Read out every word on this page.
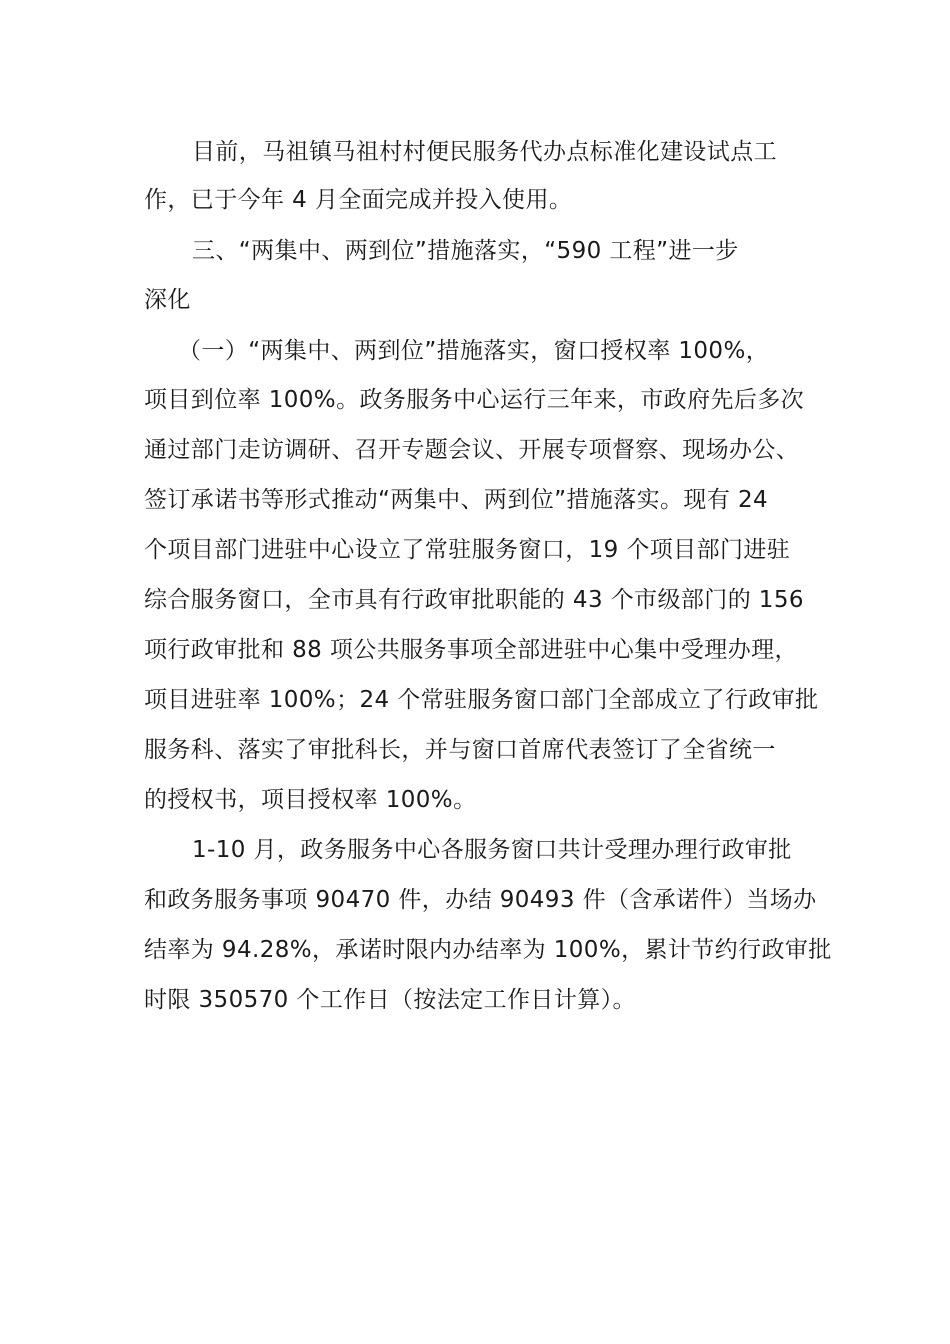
目前，马祖镇马祖村村便民服务代办点标准化建设试点工

作，已于今年 4 月全面完成并投入使用。

三、“两集中、两到位”措施落实，“590 工程”进一步

深化

（一）“两集中、两到位”措施落实，窗口授权率 100%，

项目到位率 100%。政务服务中心运行三年来，市政府先后多次

通过部门走访调研、召开专题会议、开展专项督察、现场办公、

签订承诺书等形式推动“两集中、两到位”措施落实。现有 24

个项目部门进驻中心设立了常驻服务窗口，19 个项目部门进驻

综合服务窗口，全市具有行政审批职能的 43 个市级部门的 156

项行政审批和 88 项公共服务事项全部进驻中心集中受理办理，

项目进驻率 100%；24 个常驻服务窗口部门全部成立了行政审批

服务科、落实了审批科长，并与窗口首席代表签订了全省统一

的授权书，项目授权率 100%。

1-10 月，政务服务中心各服务窗口共计受理办理行政审批

和政务服务事项 90470 件，办结 90493 件（含承诺件）当场办

结率为 94.28%，承诺时限内办结率为 100%，累计节约行政审批

时限 350570 个工作日（按法定工作日计算）。
